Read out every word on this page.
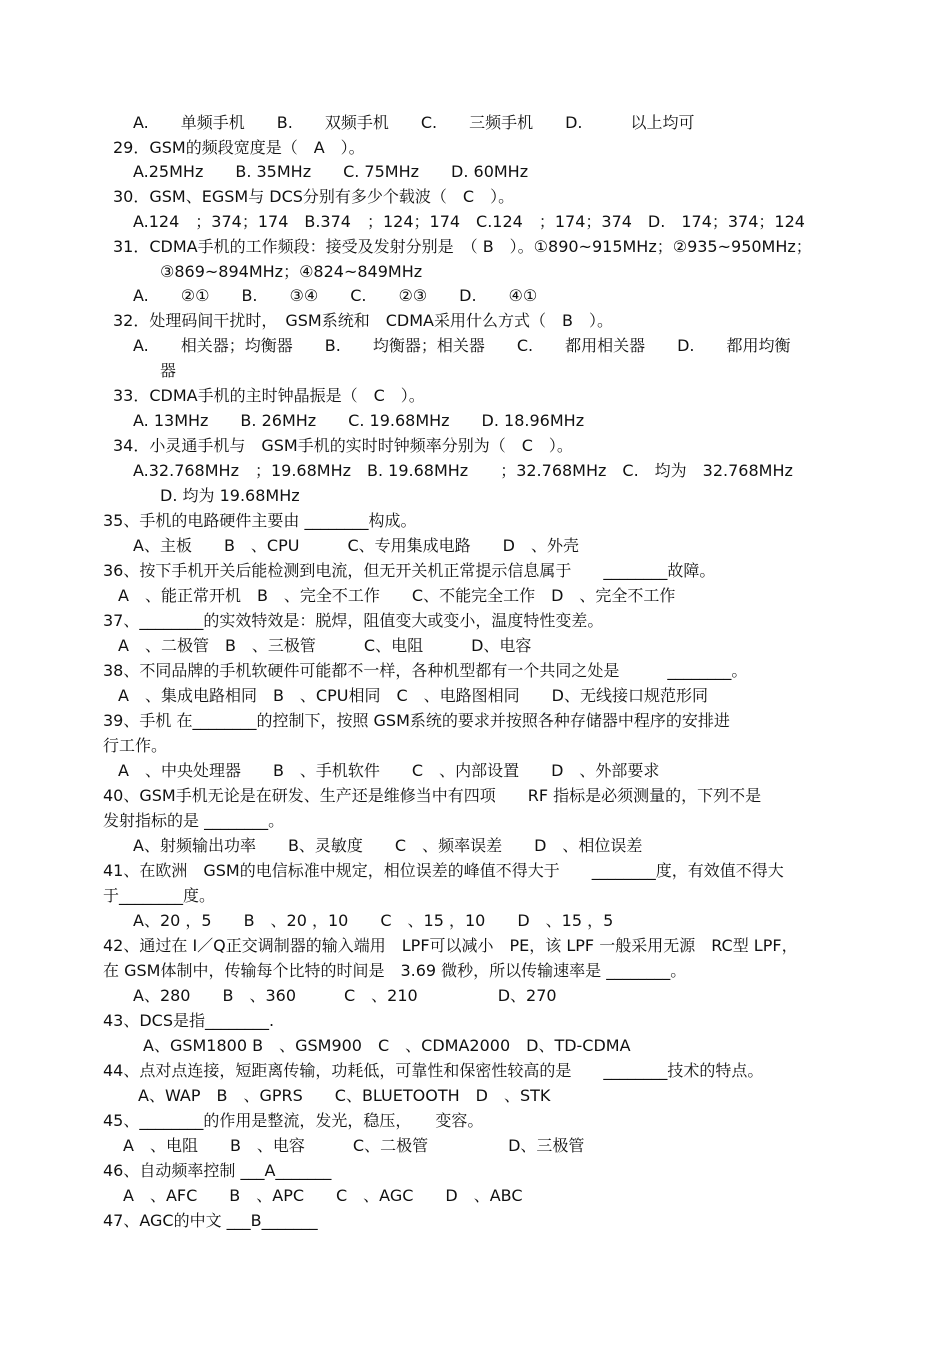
A.　　单频手机　　B.　　双频手机　　C.　　三频手机　　D.　　　以上均可
29．GSM的频段宽度是（　A　）。
A.25MHz　　B. 35MHz　　C. 75MHz　　D. 60MHz
30．GSM、EGSM与 DCS分别有多少个载波（　C　）。
A.124　；374；174　B.374　；124；174　C.124　；174；374　D.　174；374；124
31．CDMA手机的工作频段：接受及发射分别是　（ B　）。①890~915MHz；②935~950MHz；
③869~894MHz；④824~849MHz
A.　　②①　　B.　　③④　　C.　　②③　　D.　　④①
32．处理码间干扰时，　GSM系统和　CDMA采用什么方式（　B　）。
A.　　相关器；均衡器　　B.　　均衡器；相关器　　C.　　都用相关器　　D.　　都用均衡
器
33．CDMA手机的主时钟晶振是（　C　）。
A. 13MHz　　B. 26MHz　　C. 19.68MHz　　D. 18.96MHz
34．小灵通手机与　GSM手机的实时时钟频率分别为（　C　）。
A.32.768MHz　；19.68MHz　B. 19.68MHz　　；32.768MHz　C.　均为　32.768MHz
D. 均为 19.68MHz
35、手机的电路硬件主要由 ________构成。
A、主板　　B　、CPU　　　C、专用集成电路　　D　、外壳
36、按下手机开关后能检测到电流，但无开关机正常提示信息属于　　________故障。
A　、能正常开机　B　、完全不工作　　C、不能完全工作　D　、完全不工作
37、________的实效特效是：脱焊，阻值变大或变小，温度特性变差。
A　、二极管　B　、三极管　　　C、电阻　　　D、电容
38、不同品牌的手机软硬件可能都不一样，各种机型都有一个共同之处是　　　________。
A　、集成电路相同　B　、CPU相同　C　、电路图相同　　D、无线接口规范形同
39、手机 在________的控制下，按照 GSM系统的要求并按照各种存储器中程序的安排进
行工作。
A　、中央处理器　　B　、手机软件　　C　、内部设置　　D　、外部要求
40、GSM手机无论是在研发、生产还是维修当中有四项　　RF 指标是必须测量的，下列不是
发射指标的是 ________。
A、射频输出功率　　B、灵敏度　　C　、频率误差　　D　、相位误差
41、在欧洲　GSM的电信标准中规定，相位误差的峰值不得大于　　________度，有效值不得大
于________度。
A、20 ，5　　B　、20 ，10　　C　、15 ，10　　D　、15 ，5
42、通过在 I／Q正交调制器的输入端用　LPF可以减小　PE，该 LPF 一般采用无源　RC型 LPF，
在 GSM体制中，传输每个比特的时间是　3.69 微秒，所以传输速率是 ________。
A、280　　B　、360　　　C　、210　　　　　D、270
43、DCS是指________.
A、GSM1800 B　、GSM900　C　、CDMA2000　D、TD-CDMA
44、点对点连接，短距离传输，功耗低，可靠性和保密性较高的是　　________技术的特点。
A、WAP　B　、GPRS　　C、BLUETOOTH　D　、STK
45、________的作用是整流，发光，稳压，　　变容。
A　、电阻　　B　、电容　　　C、二极管　　　　　D、三极管
46、自动频率控制 ___A_______
A　、AFC　　B　、APC　　C　、AGC　　D　、ABC
47、AGC的中文 ___B_______
